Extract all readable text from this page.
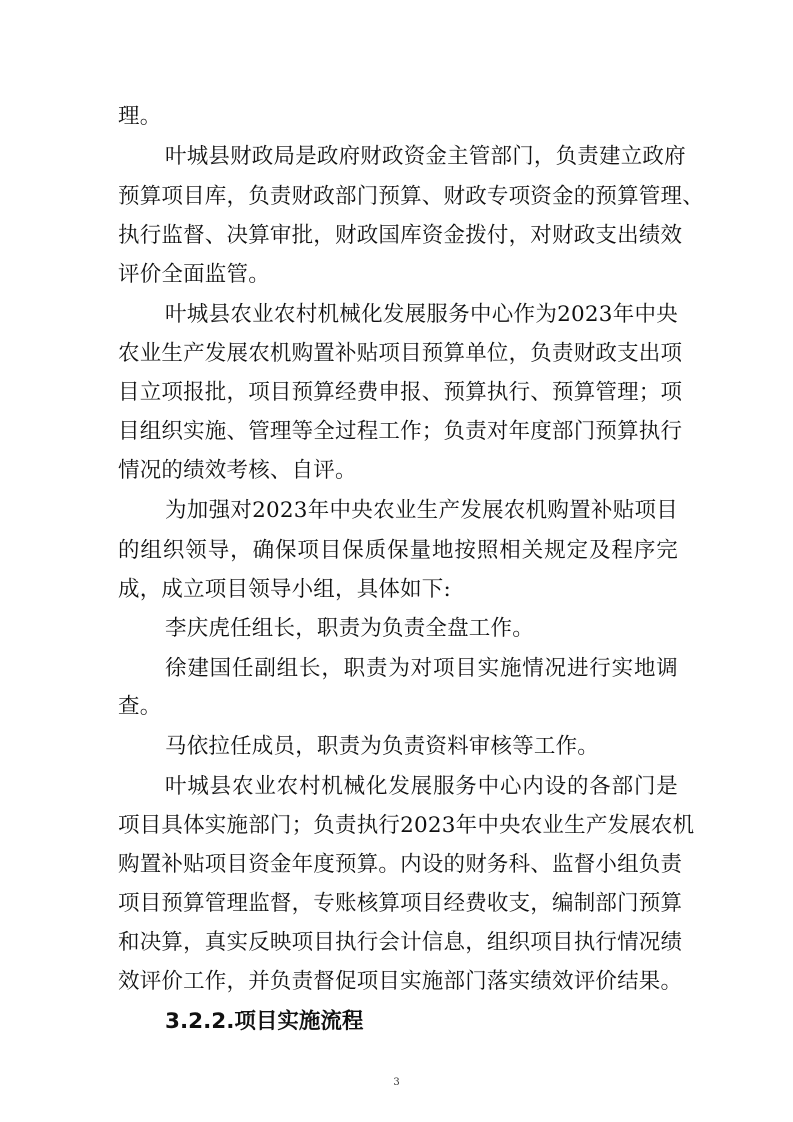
理。
叶城县财政局是政府财政资金主管部门，负责建立政府
预算项目库，负责财政部门预算、财政专项资金的预算管理、
执行监督、决算审批，财政国库资金拨付，对财政支出绩效
评价全面监管。
叶城县农业农村机械化发展服务中心作为2023年中央
农业生产发展农机购置补贴项目预算单位，负责财政支出项
目立项报批，项目预算经费申报、预算执行、预算管理；项
目组织实施、管理等全过程工作；负责对年度部门预算执行
情况的绩效考核、自评。
为加强对2023年中央农业生产发展农机购置补贴项目
的组织领导，确保项目保质保量地按照相关规定及程序完
成，成立项目领导小组，具体如下:
李庆虎任组长，职责为负责全盘工作。
徐建国任副组长，职责为对项目实施情况进行实地调
查。
马依拉任成员，职责为负责资料审核等工作。
叶城县农业农村机械化发展服务中心内设的各部门是
项目具体实施部门；负责执行2023年中央农业生产发展农机
购置补贴项目资金年度预算。内设的财务科、监督小组负责
项目预算管理监督，专账核算项目经费收支，编制部门预算
和决算，真实反映项目执行会计信息，组织项目执行情况绩
效评价工作，并负责督促项目实施部门落实绩效评价结果。
3.2.2.项目实施流程
3
